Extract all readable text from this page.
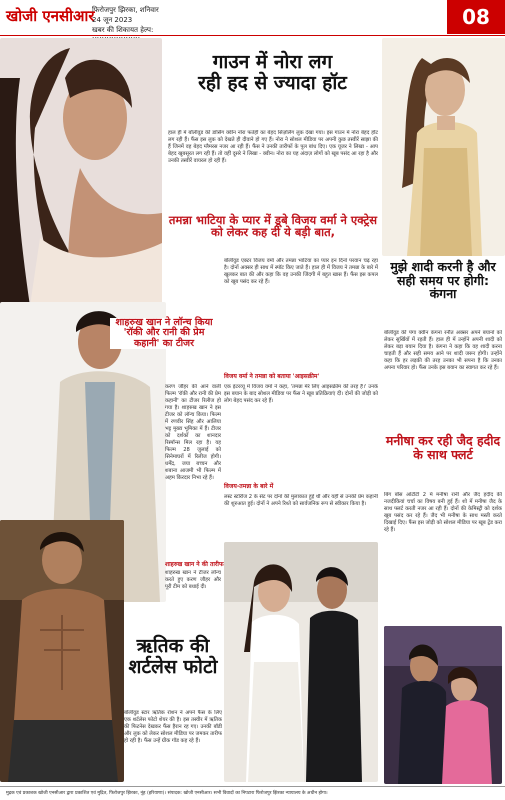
खोजी एनसीआर
फिरोजपुर झिरका, शनिवार 24 जून 2023
खबर की शिकायत हेल्प:
08
गाउन में नोरा लग
रही हद से ज्यादा हॉट
हाल ही में बॉलीवुड की डांसिंग क्वीन नोरा फतेही का बेहद सिज़लिंग लुक देखा गया। इस गाउन में नोरा बेहद हॉट लग रही हैं। फैंस इस लुक को देखते ही दीवाने हो गए हैं। नोरा ने सोशल मीडिया पर अपनी कुछ तस्वीरें साझा की हैं जिनमें वह बेहद ग्लैमरस नजर आ रही हैं। फैंस ने उनकी तारीफों के पुल बांध दिए। एक यूजर ने लिखा - आप बेहद खूबसूरत लग रही हैं। तो वहीं दूसरे ने लिखा - क्वीन। नोरा का यह अंदाज़ लोगों को खूब पसंद आ रहा है और उनकी तस्वीरें वायरल हो रही हैं।
तमन्ना भाटिया के प्यार में डूबे विजय वर्मा ने एक्ट्रेस को लेकर कह दी ये बड़ी बात,
मुझे शादी करनी है और सही समय पर होगी: कंगना
बॉलीवुड की पंगा क्वीन कंगना रनौत अक्सर अपने बयानों को लेकर सुर्खियों में रहती हैं। हाल ही में उन्होंने अपनी शादी को लेकर बड़ा बयान दिया है। कंगना ने कहा कि वह शादी करना चाहती हैं और सही समय आने पर शादी जरूर होगी। उन्होंने कहा कि हर लड़की की तरह उनका भी सपना है कि उनका अपना परिवार हो। फैंस उनके इस बयान का स्वागत कर रहे हैं।
मनीषा कर रही जैद हदीद के साथ फ्लर्ट
बिग बॉस ओटीटी 2 में मनीषा रानी और जैद हदीद की नजदीकियां चर्चा का विषय बनी हुई हैं। शो में मनीषा जैद के साथ फ्लर्ट करती नजर आ रही हैं। दोनों की केमिस्ट्री को दर्शक खूब पसंद कर रहे हैं। जैद भी मनीषा के साथ मस्ती करते दिखाई दिए। फैंस इस जोड़ी को सोशल मीडिया पर खूब ट्रेंड करा रहे हैं।
शाहरुख खान ने लॉन्च किया 'रॉकी और रानी की प्रेम कहानी' का टीजर
करण जौहर की आने वाली फिल्म 'रॉकी और रानी की प्रेम कहानी' का टीजर रिलीज हो गया है। शाहरुख खान ने इस टीजर को लॉन्च किया। फिल्म में रणवीर सिंह और आलिया भट्ट मुख्य भूमिका में हैं। टीजर को दर्शकों का शानदार रिस्पॉन्स मिल रहा है। यह फिल्म 28 जुलाई को सिनेमाघरों में रिलीज होगी। धर्मेंद्र, जया बच्चन और शबाना आजमी भी फिल्म में अहम किरदार निभा रहे हैं।
शाहरुख खान ने की तारीफ
शाहरुख खान ने टीजर लॉन्च करते हुए करण जौहर और पूरी टीम को बधाई दी।
बॉलीवुड एक्टर विजय वर्मा और तमन्ना भाटिया का प्यार इन दिनों परवान चढ़ रहा है। दोनों अक्सर ही साथ में स्पॉट किए जाते हैं। हाल ही में विजय ने तमन्ना के बारे में खुलकर बात की और कहा कि वह उनकी जिंदगी में बहुत खास हैं। फैंस इस कपल को खूब पसंद कर रहे हैं।
विजय वर्मा ने तमन्ना को बताया 'आइसक्रीम'
एक इंटरव्यू में विजय वर्मा ने कहा, 'तमन्ना मेरे लिए आइसक्रीम की तरह हैं।' उनके इस बयान के बाद सोशल मीडिया पर फैंस ने खूब प्रतिक्रियाएं दीं। दोनों की जोड़ी को लोग बेहद पसंद कर रहे हैं।
विजय-तमन्ना के बारे में
लस्ट स्टोरीज 2 के सेट पर दोनों की मुलाकात हुई थी और यहीं से उनकी प्रेम कहानी की शुरुआत हुई। दोनों ने अपने रिश्ते को सार्वजनिक रूप से स्वीकार किया है।
ऋतिक की शर्टलेस फोटो
बॉलीवुड स्टार ऋतिक रोशन ने अपने फैंस के लिए एक शर्टलेस फोटो शेयर की है। इस तस्वीर में ऋतिक की फिटनेस देखकर फैंस हैरान रह गए। उनकी बॉडी और लुक को लेकर सोशल मीडिया पर जमकर तारीफ हो रही है। फैंस उन्हें ग्रीक गॉड कह रहे हैं।
मुद्रक एवं प्रकाशक खोजी एनसीआर द्वारा प्रकाशित एवं मुद्रित, फिरोजपुर झिरका, नूंह (हरियाणा)। संपादक: खोजी एनसीआर। सभी विवादों का निपटारा फिरोजपुर झिरका न्यायालय के अधीन होगा।
